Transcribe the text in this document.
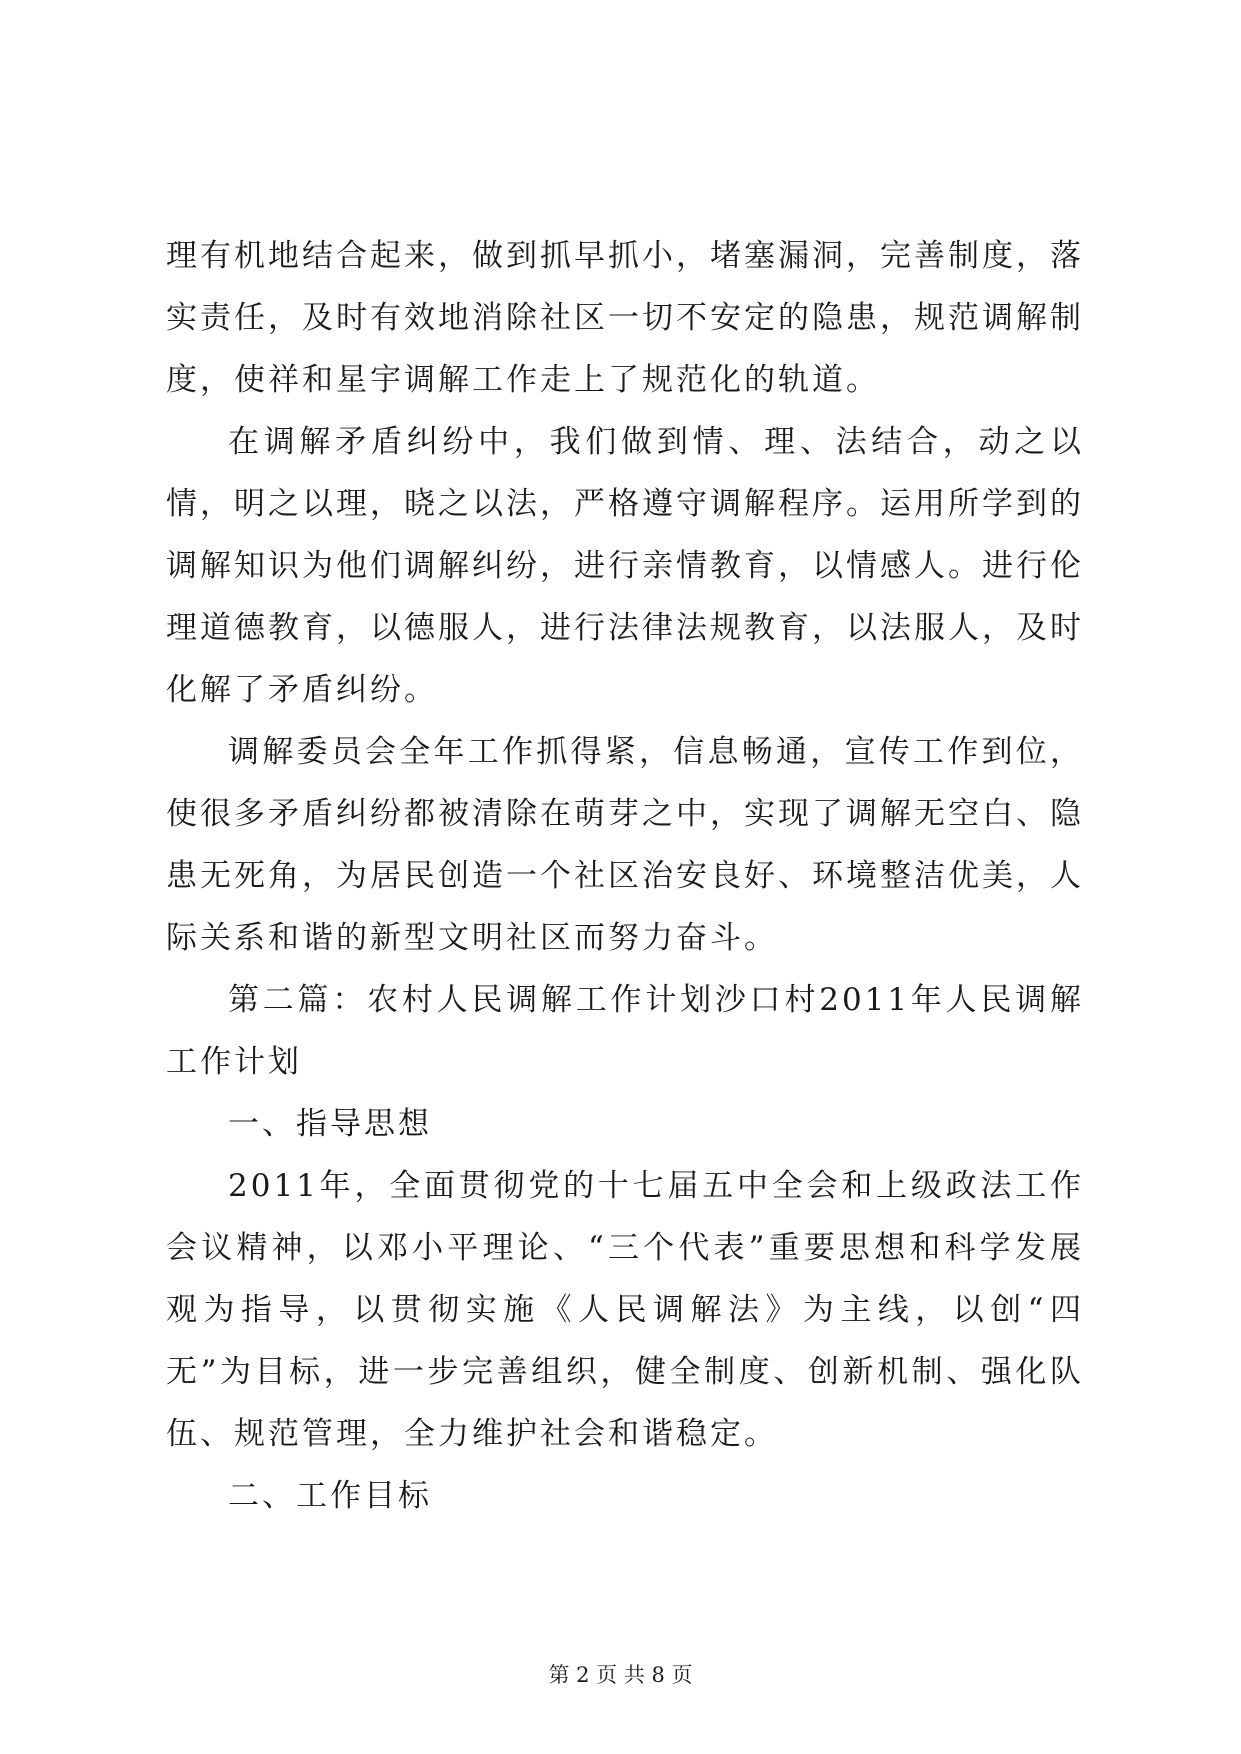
理有机地结合起来，做到抓早抓小，堵塞漏洞，完善制度，落实责任，及时有效地消除社区一切不安定的隐患，规范调解制度，使祥和星宇调解工作走上了规范化的轨道。

在调解矛盾纠纷中，我们做到情、理、法结合，动之以情，明之以理，晓之以法，严格遵守调解程序。运用所学到的调解知识为他们调解纠纷，进行亲情教育，以情感人。进行伦理道德教育，以德服人，进行法律法规教育，以法服人，及时化解了矛盾纠纷。

调解委员会全年工作抓得紧，信息畅通，宣传工作到位，使很多矛盾纠纷都被清除在萌芽之中，实现了调解无空白、隐患无死角，为居民创造一个社区治安良好、环境整洁优美，人际关系和谐的新型文明社区而努力奋斗。

第二篇：农村人民调解工作计划沙口村2011年人民调解工作计划

一、指导思想

2011年，全面贯彻党的十七届五中全会和上级政法工作会议精神，以邓小平理论、“三个代表”重要思想和科学发展观为指导，以贯彻实施《人民调解法》为主线，以创“四无”为目标，进一步完善组织，健全制度、创新机制、强化队伍、规范管理，全力维护社会和谐稳定。

二、工作目标

第 2 页 共 8 页
